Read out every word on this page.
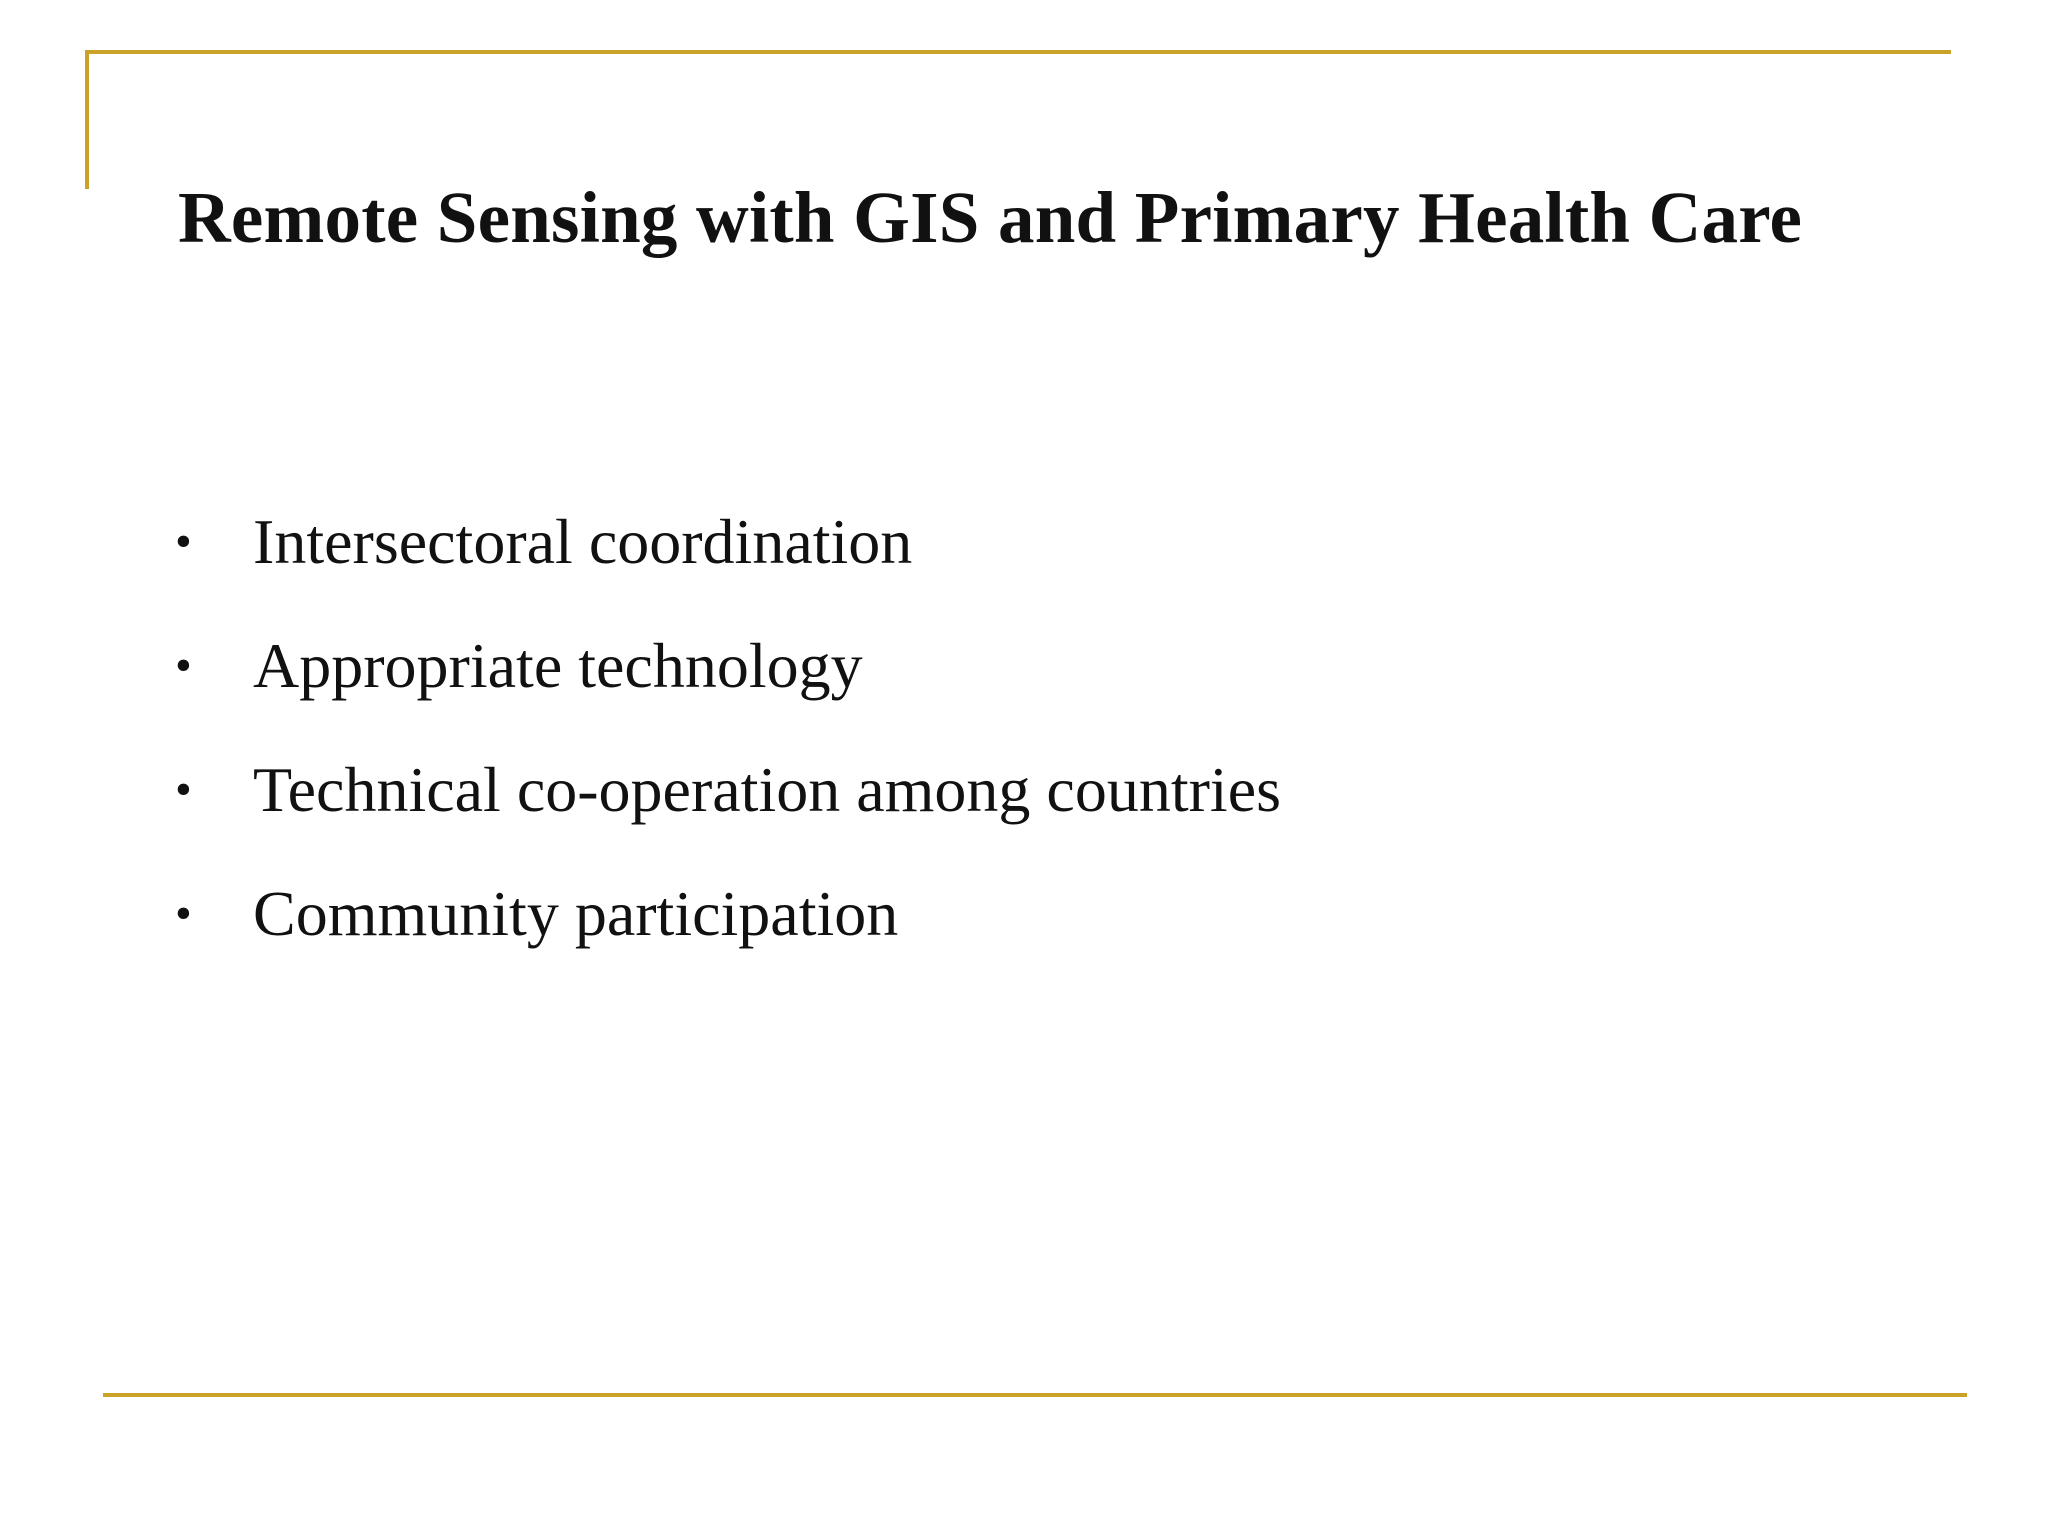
Remote Sensing with GIS and Primary Health Care
• Intersectoral coordination
• Appropriate technology
• Technical co-operation among countries
• Community participation
